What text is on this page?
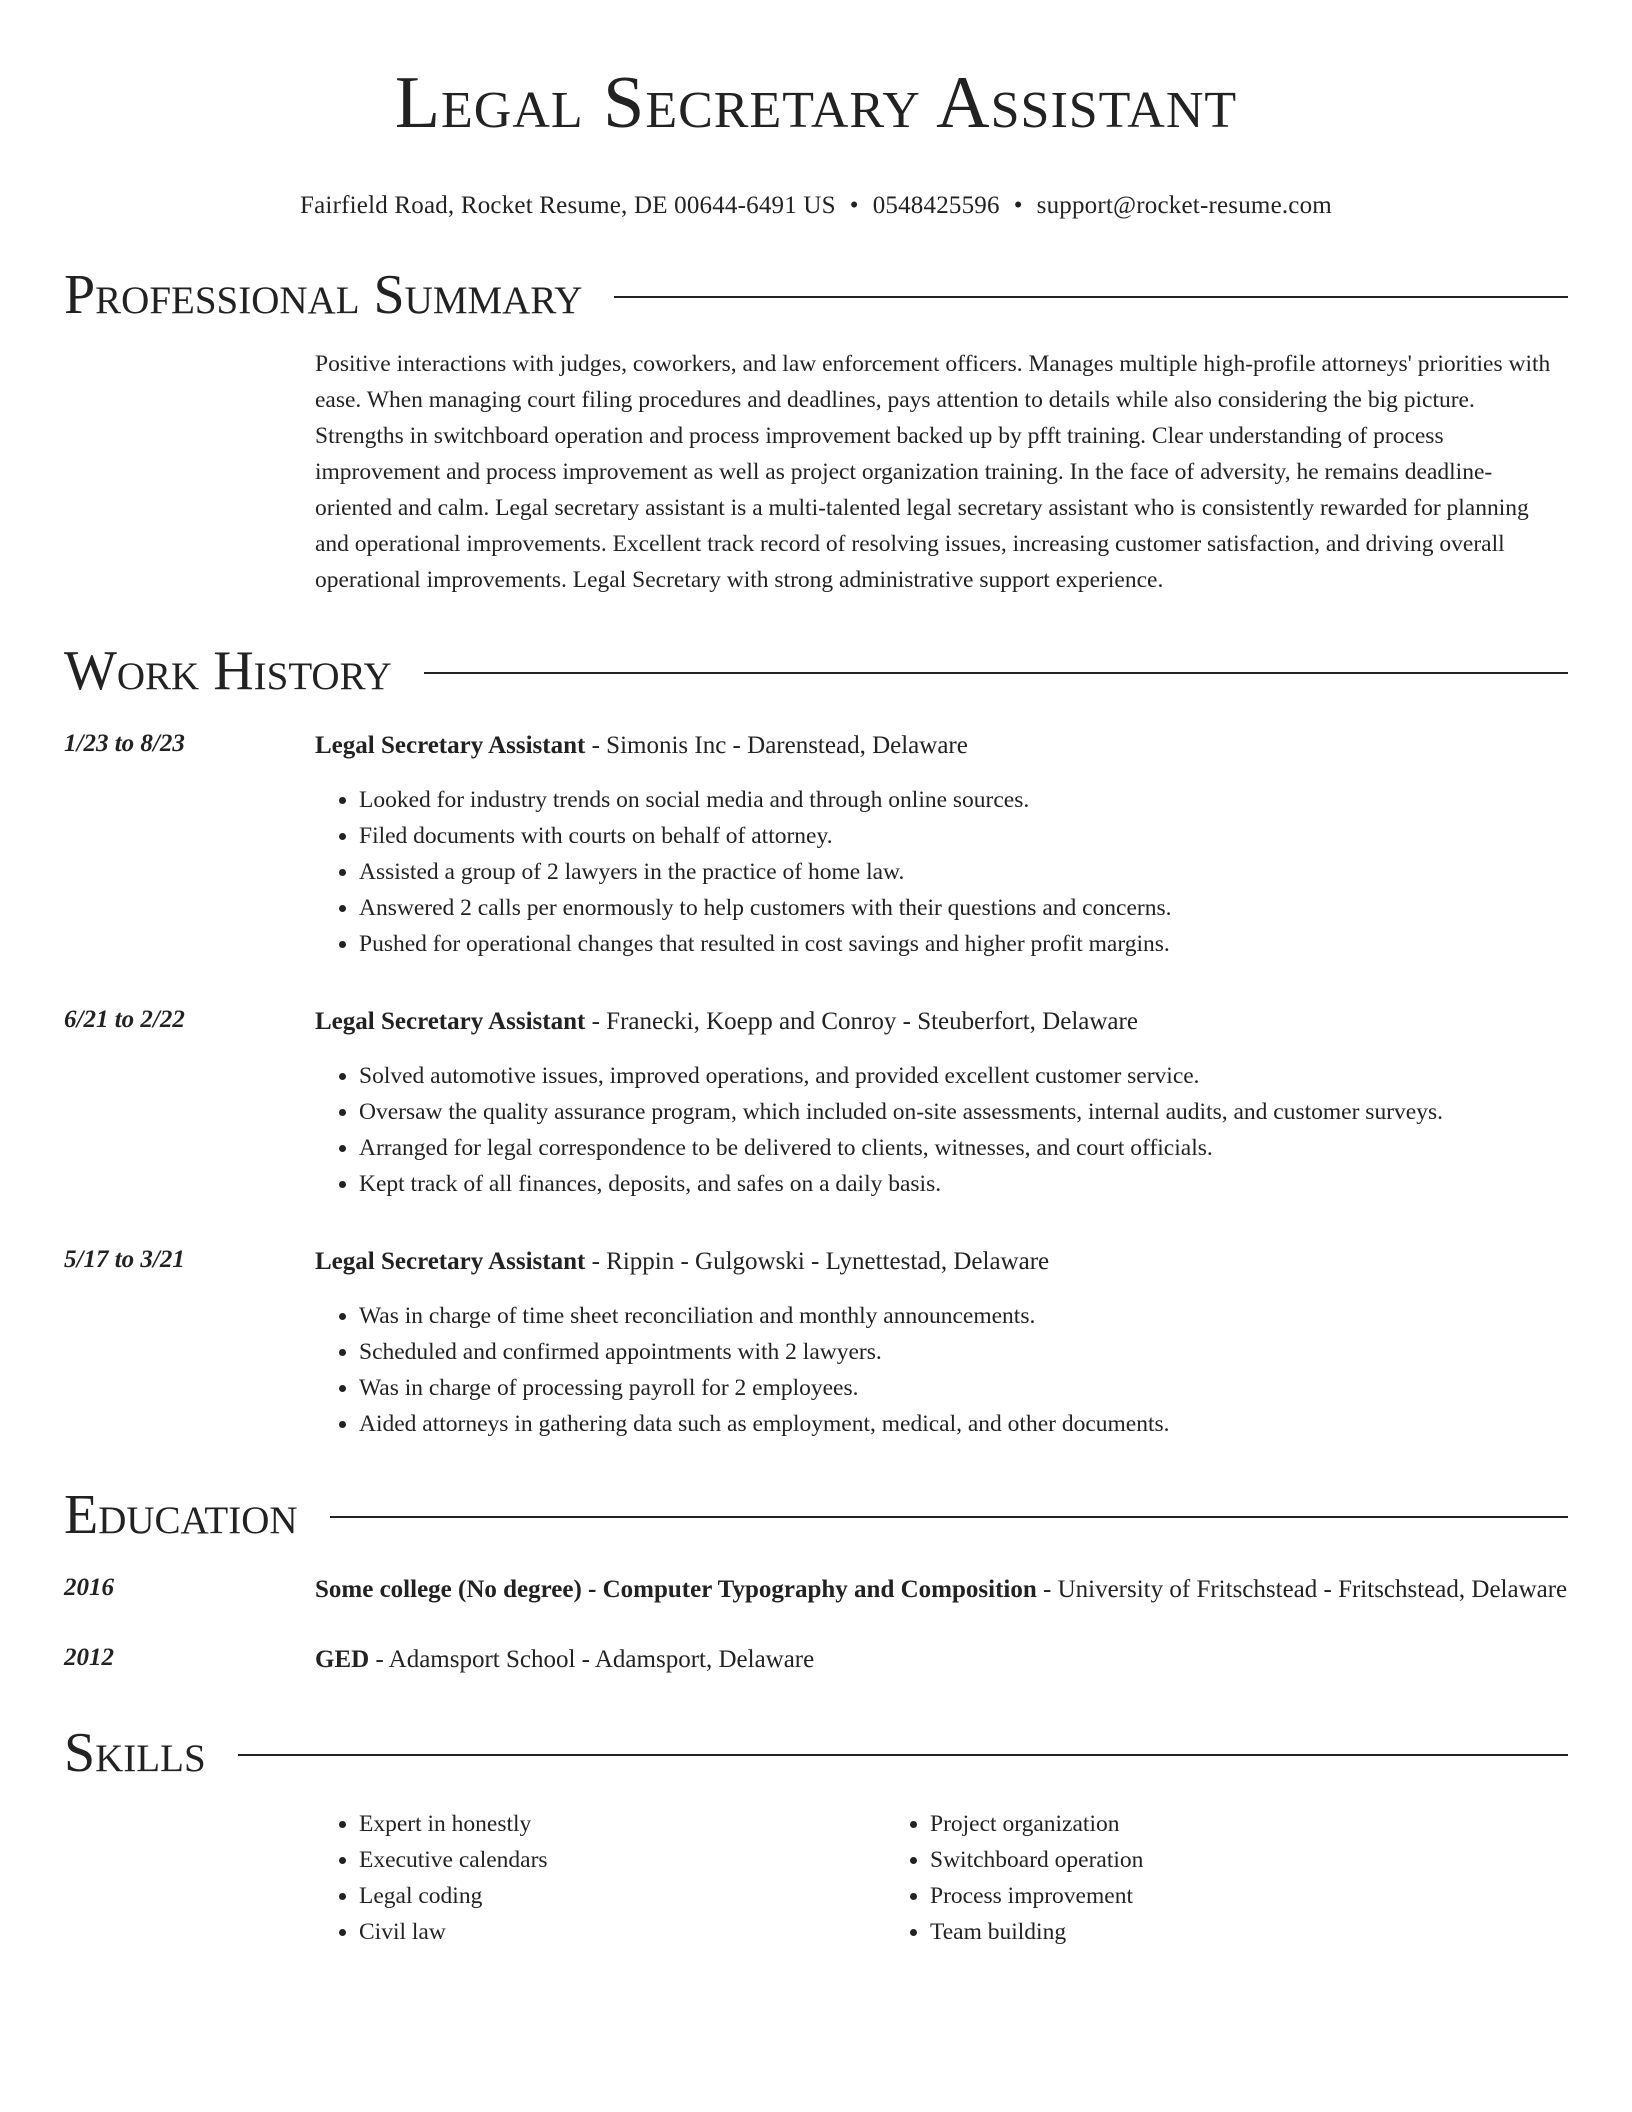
Legal Secretary Assistant
Fairfield Road, Rocket Resume, DE 00644-6491 US • 0548425596 • support@rocket-resume.com
Professional Summary
Positive interactions with judges, coworkers, and law enforcement officers. Manages multiple high-profile attorneys' priorities with ease. When managing court filing procedures and deadlines, pays attention to details while also considering the big picture. Strengths in switchboard operation and process improvement backed up by pfft training. Clear understanding of process improvement and process improvement as well as project organization training. In the face of adversity, he remains deadline-oriented and calm. Legal secretary assistant is a multi-talented legal secretary assistant who is consistently rewarded for planning and operational improvements. Excellent track record of resolving issues, increasing customer satisfaction, and driving overall operational improvements. Legal Secretary with strong administrative support experience.
Work History
1/23 to 8/23	Legal Secretary Assistant - Simonis Inc - Darenstead, Delaware
• Looked for industry trends on social media and through online sources.
• Filed documents with courts on behalf of attorney.
• Assisted a group of 2 lawyers in the practice of home law.
• Answered 2 calls per enormously to help customers with their questions and concerns.
• Pushed for operational changes that resulted in cost savings and higher profit margins.
6/21 to 2/22	Legal Secretary Assistant - Franecki, Koepp and Conroy - Steuberfort, Delaware
• Solved automotive issues, improved operations, and provided excellent customer service.
• Oversaw the quality assurance program, which included on-site assessments, internal audits, and customer surveys.
• Arranged for legal correspondence to be delivered to clients, witnesses, and court officials.
• Kept track of all finances, deposits, and safes on a daily basis.
5/17 to 3/21	Legal Secretary Assistant - Rippin - Gulgowski - Lynettestad, Delaware
• Was in charge of time sheet reconciliation and monthly announcements.
• Scheduled and confirmed appointments with 2 lawyers.
• Was in charge of processing payroll for 2 employees.
• Aided attorneys in gathering data such as employment, medical, and other documents.
Education
2016	Some college (No degree) - Computer Typography and Composition - University of Fritschstead - Fritschstead, Delaware
2012	GED - Adamsport School - Adamsport, Delaware
Skills
• Expert in honestly
• Executive calendars
• Legal coding
• Civil law
• Project organization
• Switchboard operation
• Process improvement
• Team building
